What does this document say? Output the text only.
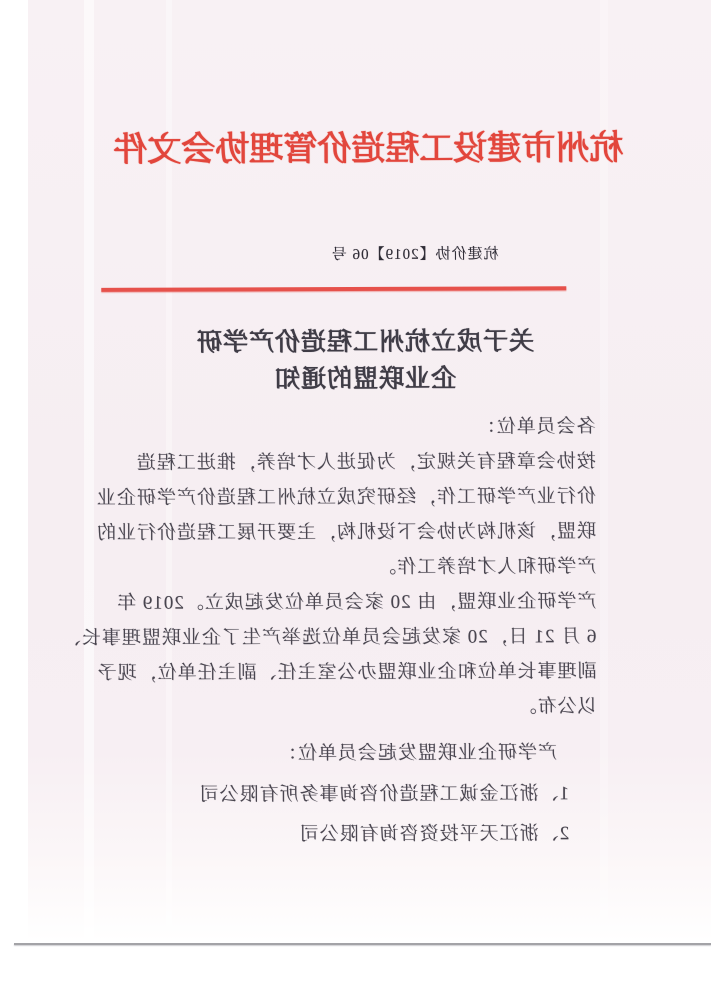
杭州市建设工程造价管理协会文件
杭建价协【2019】06 号
关于成立杭州工程造价产学研
企业联盟的通知
各会员单位：
按协会章程有关规定，为促进人才培养，推进工程造
价行业产学研工作，经研究成立杭州工程造价产学研企业
联盟，该机构为协会下设机构，主要开展工程造价行业的
产学研和人才培养工作。
产学研企业联盟，由 20 家会员单位发起成立。2019 年
6 月 21 日，20 家发起会员单位选举产生了企业联盟理事长、
副理事长单位和企业联盟办公室主任、副主任单位，现予
以公布。
产学研企业联盟发起会员单位：
1、浙江金诚工程造价咨询事务所有限公司
2、浙江天平投资咨询有限公司
